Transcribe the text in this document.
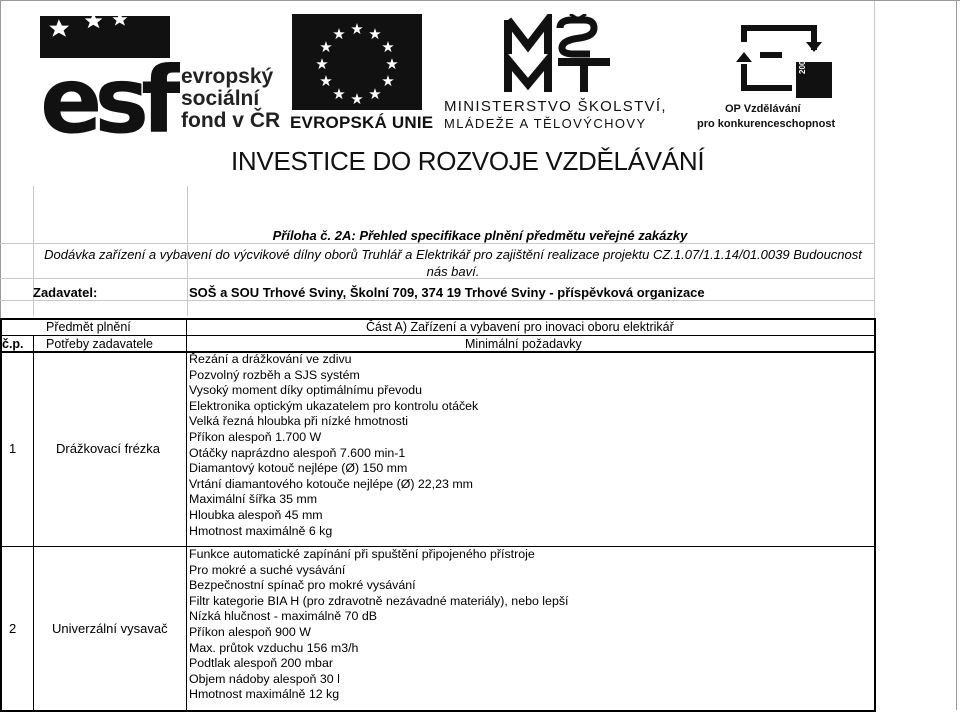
esf evropský
sociální
fond v ČR
★ ★
★
★
★
★
★
★
★
★
★
★
EVROPSKÁ UNIE
MINISTERSTVO ŠKOLSTVÍ,
MLÁDEŽE A TĚLOVÝCHOVY
2007-13
OP Vzdělávání
pro konkurenceschopnost
INVESTICE DO ROZVOJE VZDĚLÁVÁNÍ
Příloha č. 2A: Přehled specifikace plnění předmětu veřejné zakázky
Dodávka zařízení a vybavení do výcvikové dílny oborů Truhlář a Elektrikář pro zajištění realizace projektu CZ.1.07/1.1.14/01.0039 Budoucnost
nás baví.
Zadavatel:	SOŠ a SOU Trhové Sviny, Školní 709, 374 19 Trhové Sviny - příspěvková organizace
Předmět plnění	Část A) Zařízení a vybavení pro inovaci oboru elektrikář
č.p. Potřeby zadavatele	Minimální požadavky
1	Drážkovací frézka
Řezání a drážkování ve zdivu
Pozvolný rozběh a SJS systém
Vysoký moment díky optimálnímu převodu
Elektronika optickým ukazatelem pro kontrolu otáček
Velká řezná hloubka při nízké hmotnosti
Příkon alespoň 1.700 W
Otáčky naprázdno alespoň 7.600 min-1
Diamantový kotouč nejlépe (Ø) 150 mm
Vrtání diamantového kotouče nejlépe (Ø) 22,23 mm
Maximální šířka 35 mm
Hloubka alespoň 45 mm
Hmotnost maximálně 6 kg
2	Univerzální vysavač
Funkce automatické zapínání při spuštění připojeného přístroje
Pro mokré a suché vysávání
Bezpečnostní spínač pro mokré vysávání
Filtr kategorie BIA H (pro zdravotně nezávadné materiály), nebo lepší
Nízká hlučnost - maximálně 70 dB
Příkon alespoň 900 W
Max. průtok vzduchu 156 m3/h
Podtlak alespoň 200 mbar
Objem nádoby alespoň 30 l
Hmotnost maximálně 12 kg
